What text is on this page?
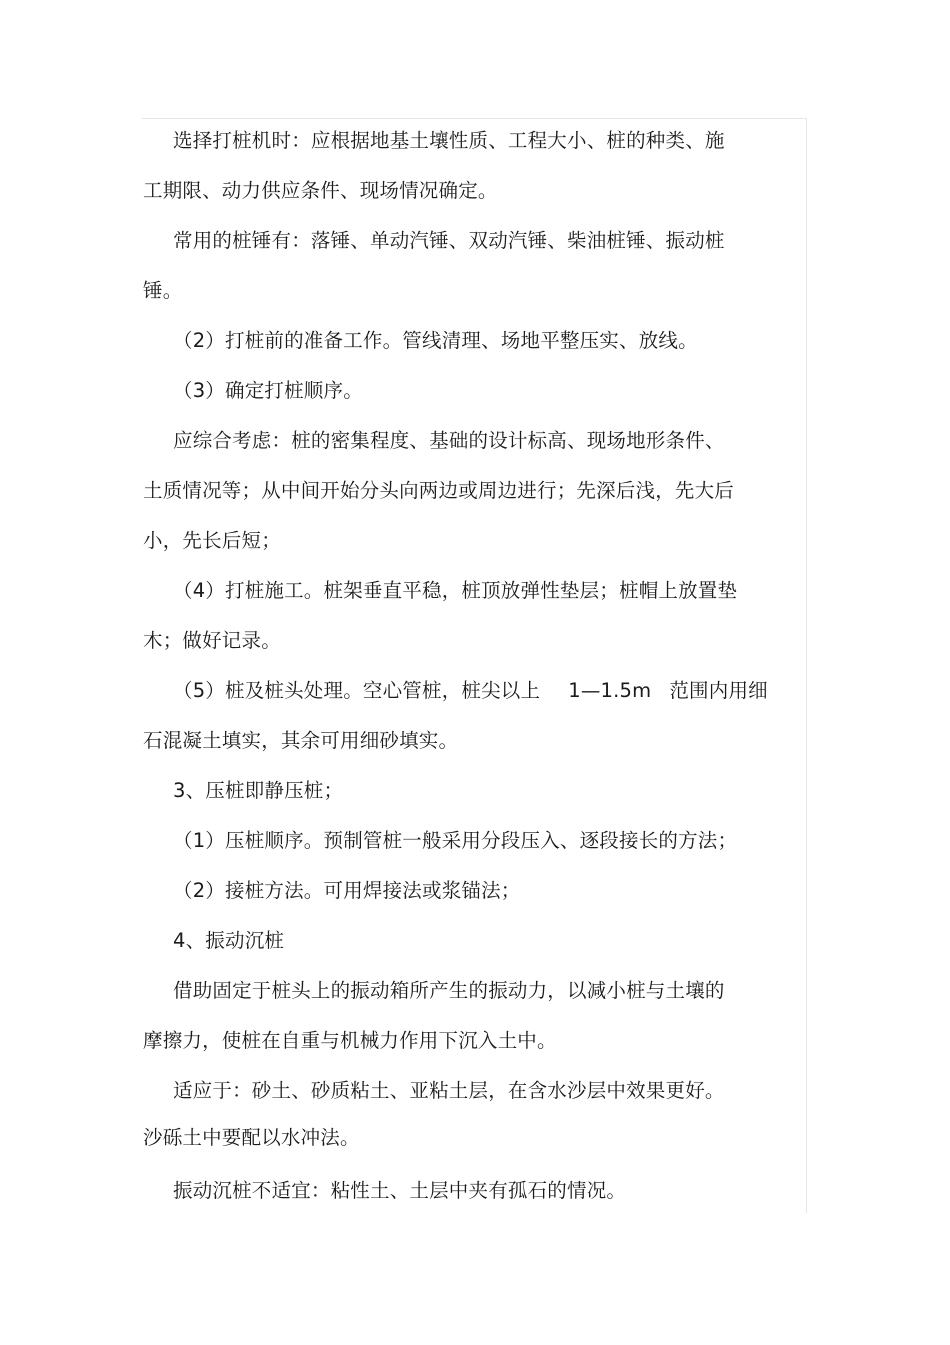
选择打桩机时：应根据地基土壤性质、工程大小、桩的种类、施
工期限、动力供应条件、现场情况确定。
常用的桩锤有：落锤、单动汽锤、双动汽锤、柴油桩锤、振动桩
锤。
（2）打桩前的准备工作。管线清理、场地平整压实、放线。
（3）确定打桩顺序。
应综合考虑：桩的密集程度、基础的设计标高、现场地形条件、
土质情况等；从中间开始分头向两边或周边进行；先深后浅，先大后
小，先长后短；
（4）打桩施工。桩架垂直平稳，桩顶放弹性垫层；桩帽上放置垫
木；做好记录。
（5）桩及桩头处理。空心管桩，桩尖以上 1—1.5m 范围内用细
石混凝土填实，其余可用细砂填实。
3、压桩即静压桩；
（1）压桩顺序。预制管桩一般采用分段压入、逐段接长的方法；
（2）接桩方法。可用焊接法或浆锚法；
4、振动沉桩
借助固定于桩头上的振动箱所产生的振动力，以减小桩与土壤的
摩擦力，使桩在自重与机械力作用下沉入土中。
适应于：砂土、砂质粘土、亚粘土层，在含水沙层中效果更好。
沙砾土中要配以水冲法。
振动沉桩不适宜：粘性土、土层中夹有孤石的情况。
